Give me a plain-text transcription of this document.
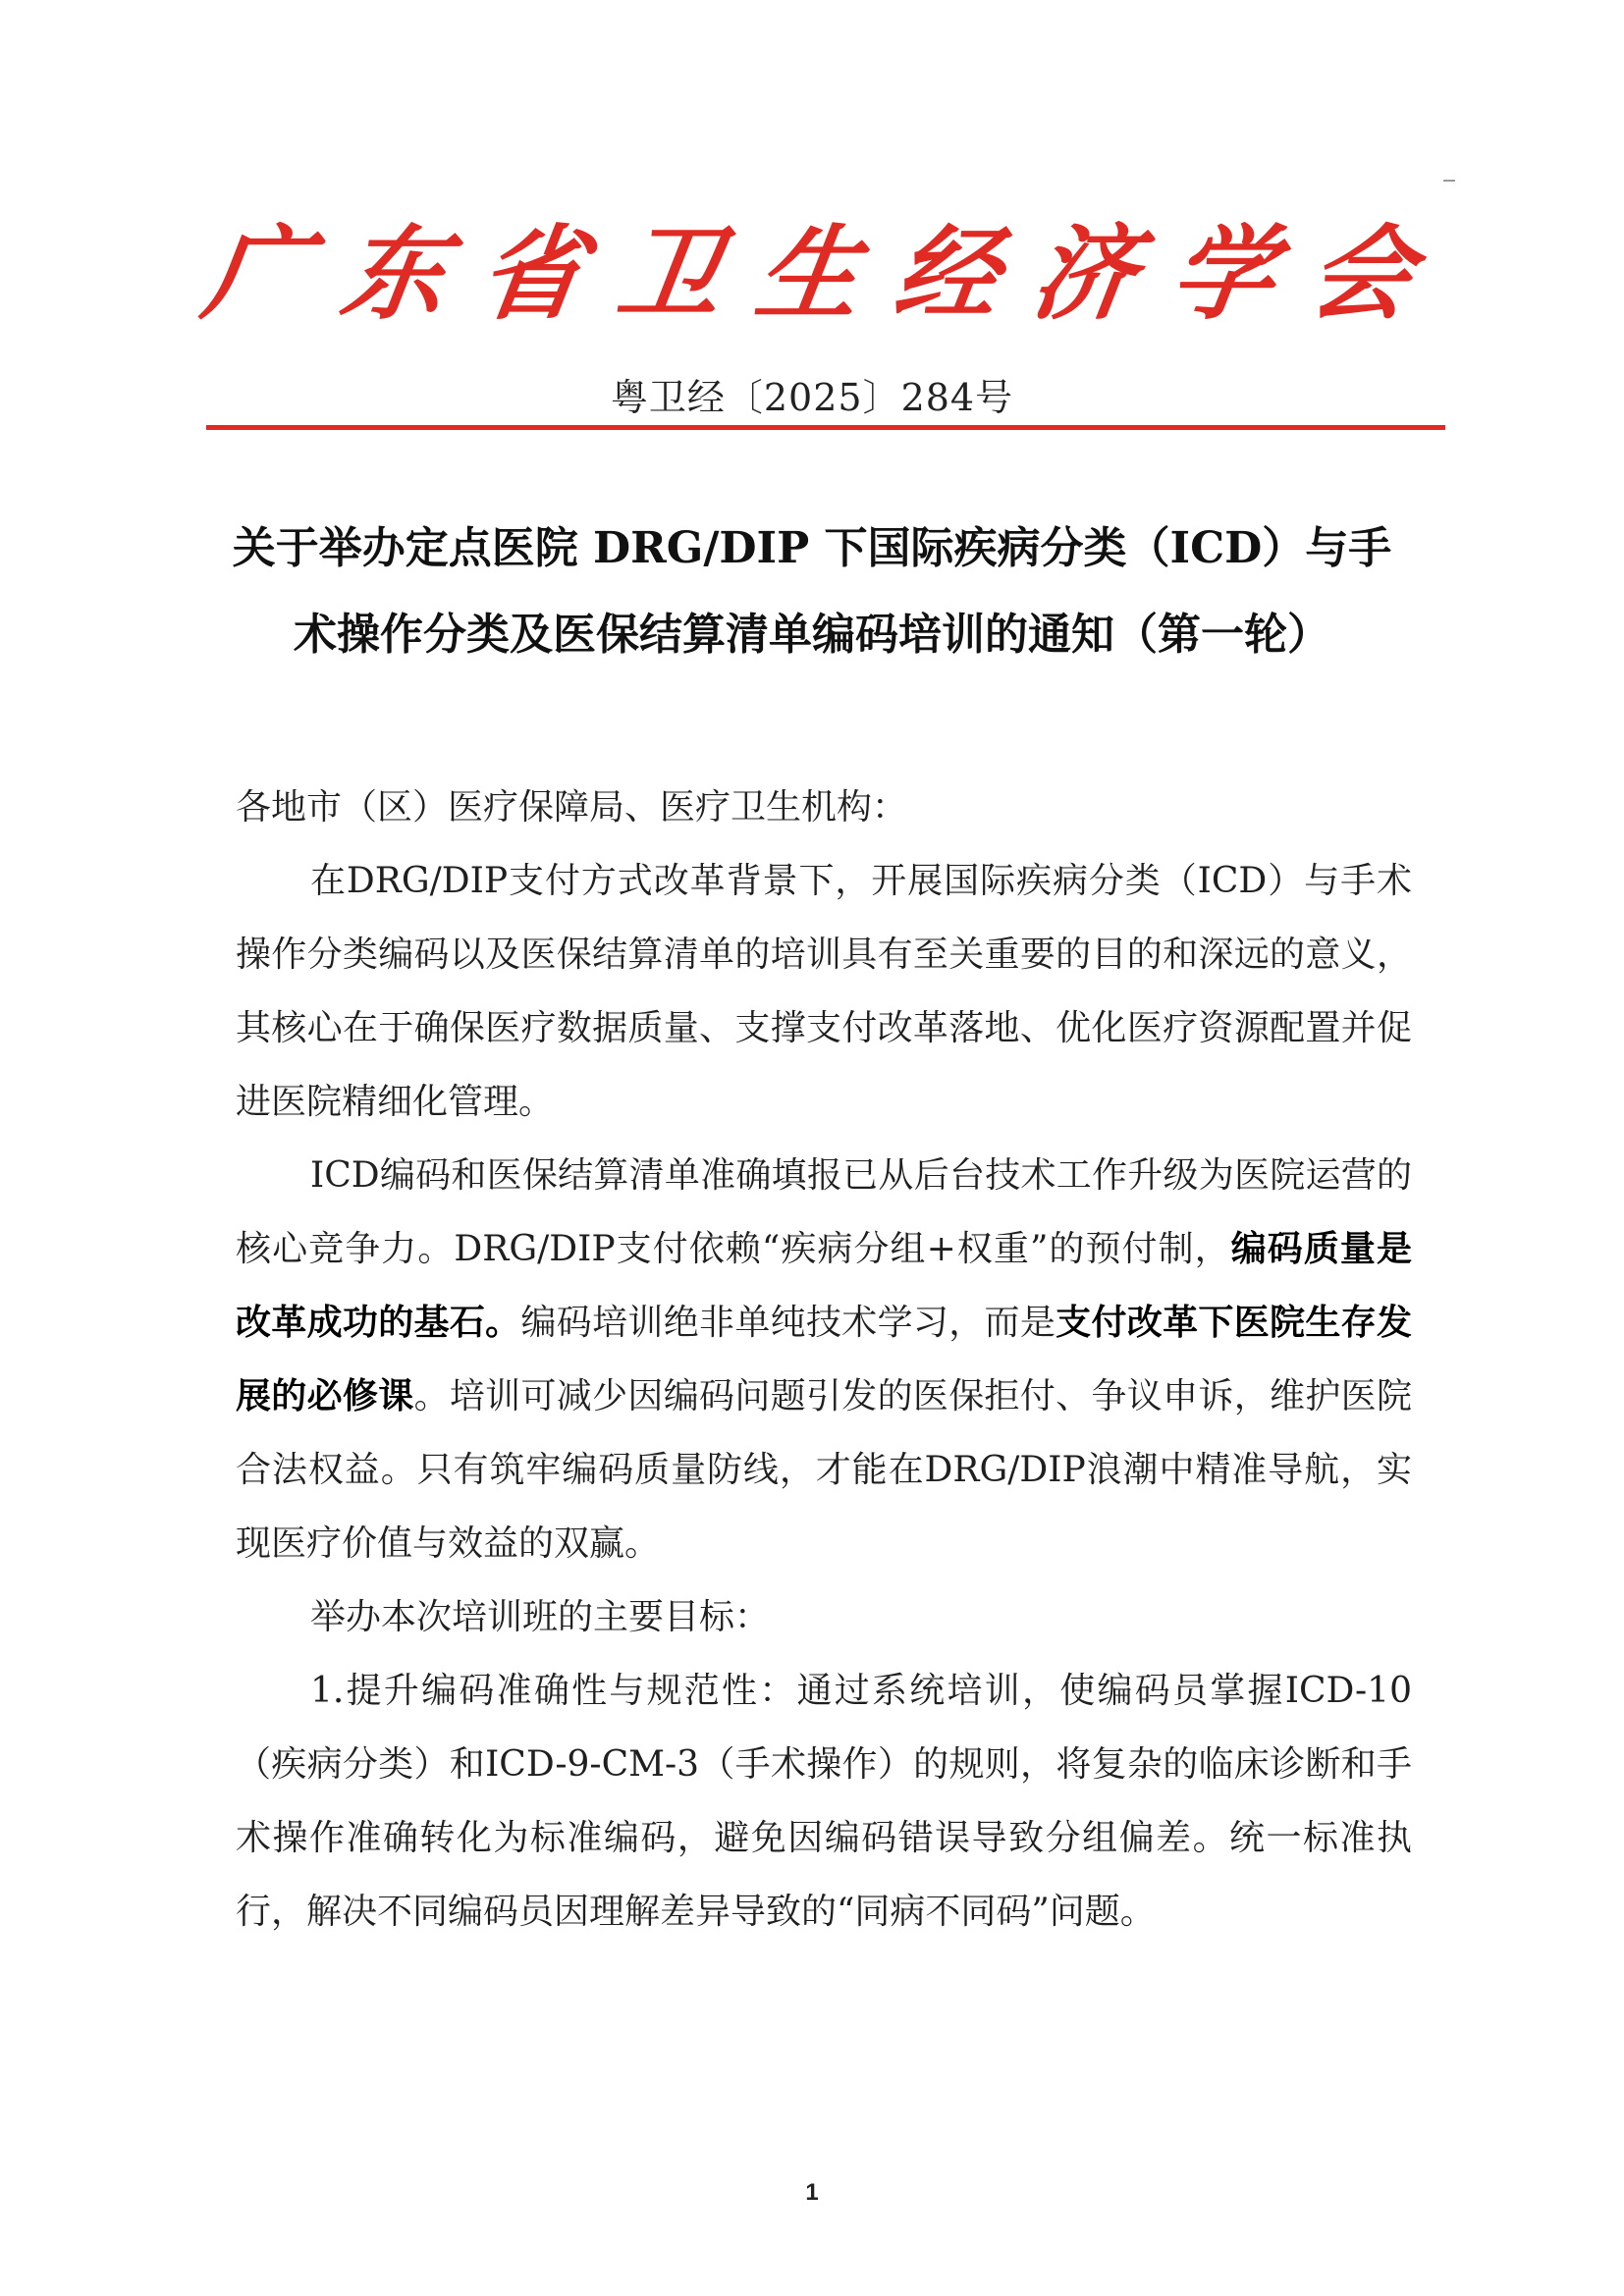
广 东 省 卫 生 经 济 学 会
粤卫经〔2025〕284号
关于举办定点医院 DRG/DIP 下国际疾病分类（ICD）与手
术操作分类及医保结算清单编码培训的通知（第一轮）

各地市（区）医疗保障局、医疗卫生机构：

在DRG/DIP支付方式改革背景下，开展国际疾病分类（ICD）与手术操作分类编码以及医保结算清单的培训具有至关重要的目的和深远的意义，其核心在于确保医疗数据质量、支撑支付改革落地、优化医疗资源配置并促进医院精细化管理。

ICD编码和医保结算清单准确填报已从后台技术工作升级为医院运营的核心竞争力。DRG/DIP支付依赖“疾病分组+权重”的预付制，编码质量是改革成功的基石。编码培训绝非单纯技术学习，而是支付改革下医院生存发展的必修课。培训可减少因编码问题引发的医保拒付、争议申诉，维护医院合法权益。只有筑牢编码质量防线，才能在DRG/DIP浪潮中精准导航，实现医疗价值与效益的双赢。

举办本次培训班的主要目标：

1.提升编码准确性与规范性：通过系统培训，使编码员掌握ICD-10（疾病分类）和ICD-9-CM-3（手术操作）的规则，将复杂的临床诊断和手术操作准确转化为标准编码，避免因编码错误导致分组偏差。统一标准执行，解决不同编码员因理解差异导致的“同病不同码”问题。

1
